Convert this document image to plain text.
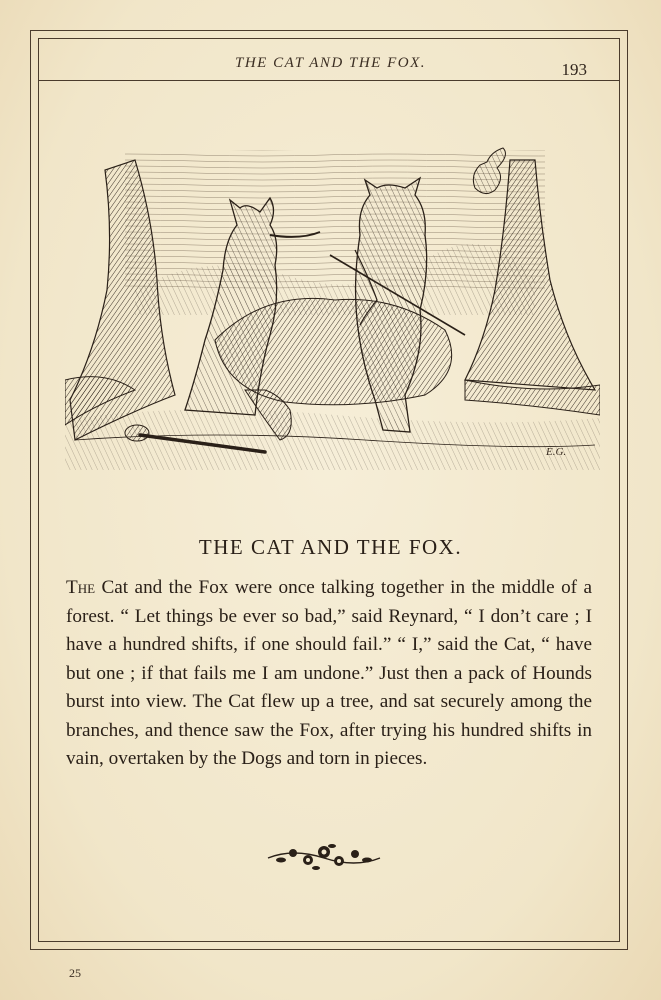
THE CAT AND THE FOX.	193
E.G.
THE CAT AND THE FOX.

The Cat and the Fox were once talking together in the middle of a forest. “ Let things be ever so bad,” said Reynard, “ I don’t care ; I have a hundred shifts, if one should fail.” “ I,” said the Cat, “ have but one ; if that fails me I am undone.” Just then a pack of Hounds burst into view. The Cat flew up a tree, and sat securely among the branches, and thence saw the Fox, after trying his hundred shifts in vain, overtaken by the Dogs and torn in pieces.

25
